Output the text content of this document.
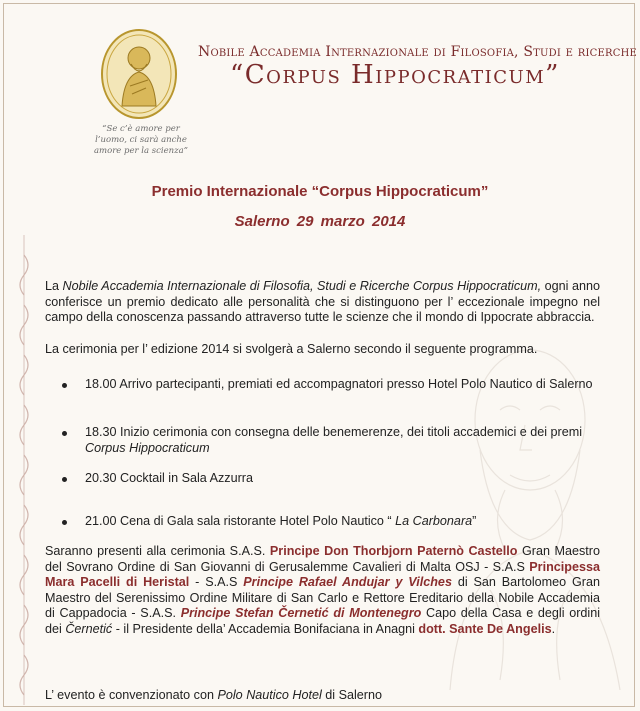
Nobile Accademia Internazionale di Filosofia, Studi e ricerche
“Corpus Hippocraticum”
“Se c’è amore per l’uomo, ci sarà anche amore per la scienza”
Premio Internazionale “Corpus Hippocraticum”
Salerno 29 marzo 2014
La Nobile Accademia Internazionale di Filosofia, Studi e Ricerche Corpus Hippocraticum, ogni anno conferisce un premio dedicato alle personalità che si distinguono per l’ eccezionale impegno nel campo della conoscenza passando attraverso tutte le scienze che il mondo di Ippocrate abbraccia.
La cerimonia per l’ edizione 2014 si svolgerà a Salerno secondo il seguente programma.
18.00 Arrivo partecipanti, premiati ed accompagnatori presso Hotel Polo Nautico di Salerno
18.30 Inizio cerimonia con consegna delle benemerenze, dei titoli accademici e dei premi Corpus Hippocraticum
20.30 Cocktail in Sala Azzurra
21.00 Cena di Gala sala ristorante Hotel Polo Nautico “ La Carbonara”
Saranno presenti alla cerimonia S.A.S. Principe Don Thorbjorn Paternò Castello Gran Maestro del Sovrano Ordine di San Giovanni di Gerusalemme Cavalieri di Malta OSJ - S.A.S Principessa Mara Pacelli di Heristal - S.A.S Principe Rafael Andujar y Vilches di San Bartolomeo Gran Maestro del Serenissimo Ordine Militare di San Carlo e Rettore Ereditario della Nobile Accademia di Cappadocia - S.A.S. Principe Stefan Černetić di Montenegro Capo della Casa e degli ordini dei Černetić - il Presidente della’ Accademia Bonifaciana in Anagni dott. Sante De Angelis.
L’ evento è convenzionato con Polo Nautico Hotel di Salerno
